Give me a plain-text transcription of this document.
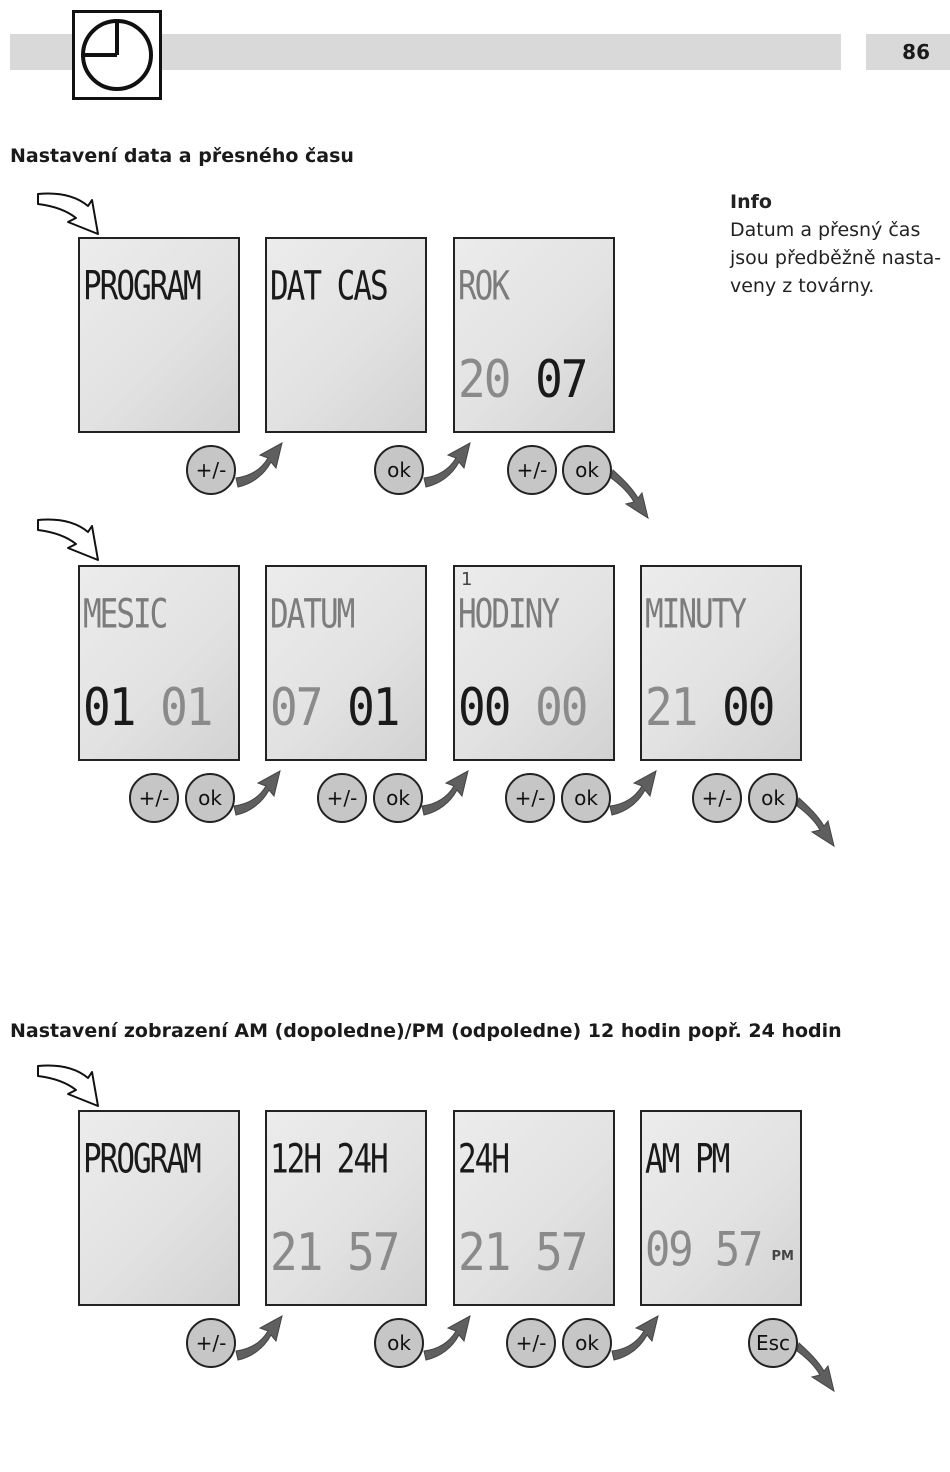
86
Nastavení data a přesného času
Info
Datum a přesný čas
jsou předběžně nasta-
veny z továrny.
PROGRAM DAT CAS ROK
20 07
+/-	ok	+/- ok
MESIC
01 01
DATUM
07 01
1
HODINY
00 00
MINUTY
21 00
+/- ok	+/- ok	+/- ok	+/- ok
Nastavení zobrazení AM (dopoledne)/PM (odpoledne) 12 hodin popř. 24 hodin
PROGRAM 12H 24H
21 57
24H
21 57
AM PM
09 57 PM
+/-	ok	+/- ok	Esc
